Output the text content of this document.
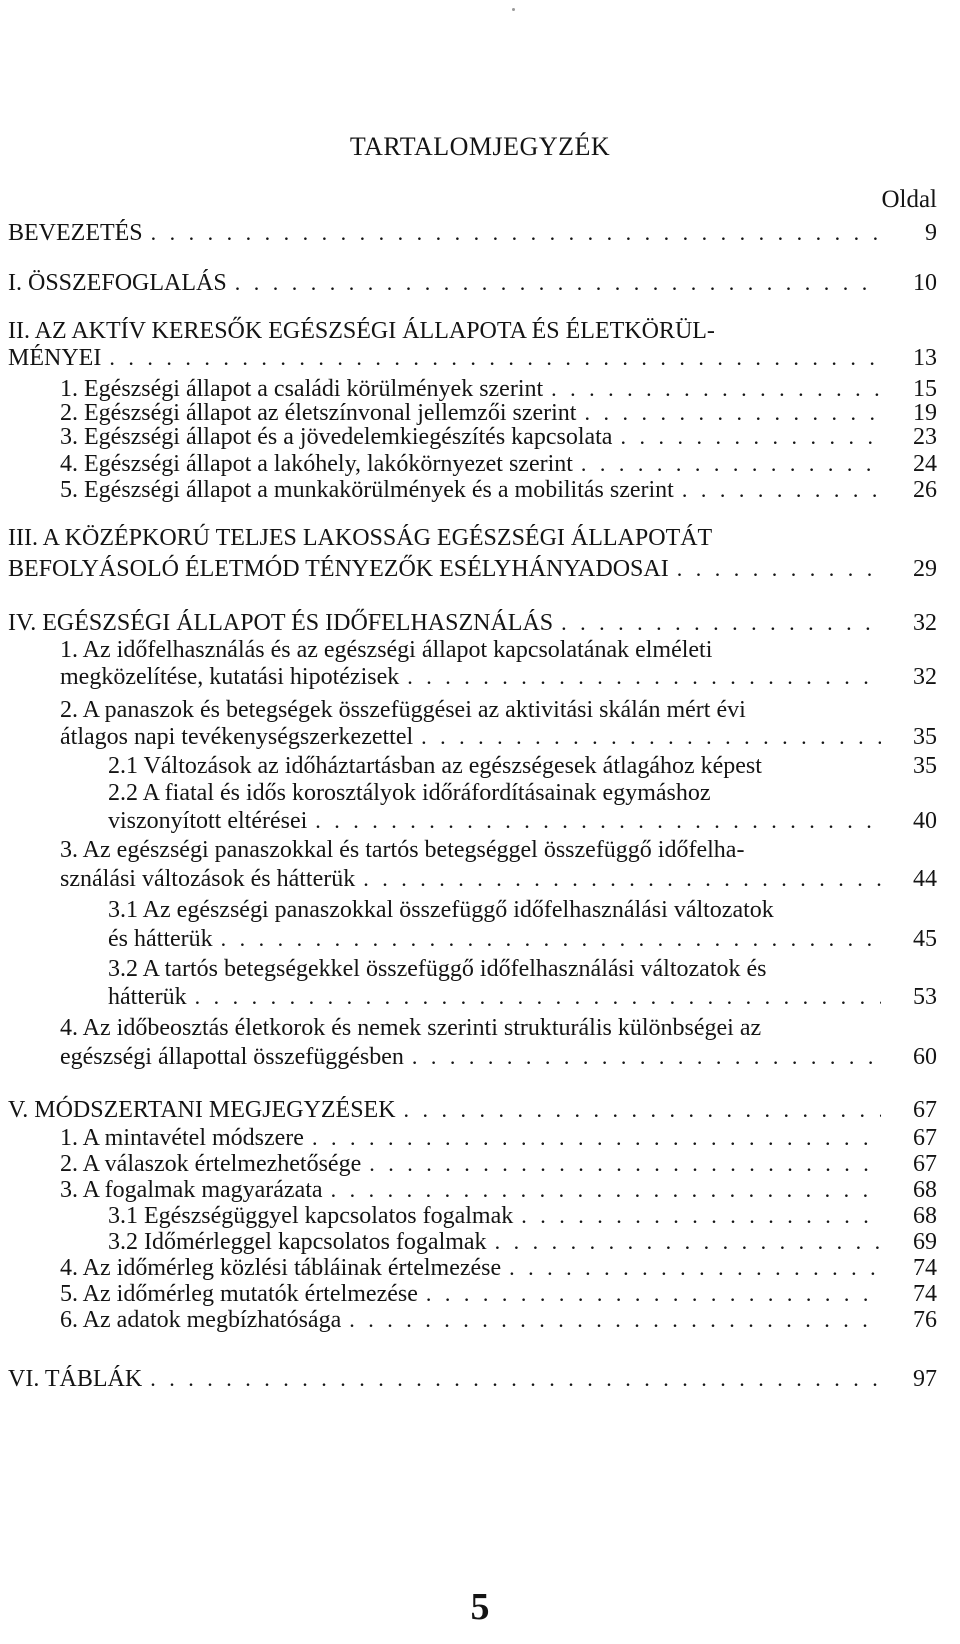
TARTALOMJEGYZÉK
Oldal
BEVEZETÉS . . .	9
I. ÖSSZEFOGLALÁS . . .	10
II. AZ AKTÍV KERESŐK EGÉSZSÉGI ÁLLAPOTA ÉS ÉLETKÖRÜL-
MÉNYEI . . .	13
1. Egészségi állapot a családi körülmények szerint . . .	15
2. Egészségi állapot az életszínvonal jellemzői szerint . . .	19
3. Egészségi állapot és a jövedelemkiegészítés kapcsolata . . .	23
4. Egészségi állapot a lakóhely, lakókörnyezet szerint . . .	24
5. Egészségi állapot a munkakörülmények és a mobilitás szerint . . .	26
III. A KÖZÉPKORÚ TELJES LAKOSSÁG EGÉSZSÉGI ÁLLAPOTÁT
BEFOLYÁSOLÓ ÉLETMÓD TÉNYEZŐK ESÉLYHÁNYADOSAI . . .	29
IV. EGÉSZSÉGI ÁLLAPOT ÉS IDŐFELHASZNÁLÁS . . .	32
1. Az időfelhasználás és az egészségi állapot kapcsolatának elméleti
megközelítése, kutatási hipotézisek . . .	32
2. A panaszok és betegségek összefüggései az aktivitási skálán mért évi
átlagos napi tevékenységszerkezettel . . .	35
2.1 Változások az időháztartásban az egészségesek átlagához képest	35
2.2 A fiatal és idős korosztályok időráfordításainak egymáshoz
viszonyított eltérései . . .	40
3. Az egészségi panaszokkal és tartós betegséggel összefüggő időfelha-
sználási változások és hátterük . . .	44
3.1 Az egészségi panaszokkal összefüggő időfelhasználási változatok
és hátterük . . .	45
3.2 A tartós betegségekkel összefüggő időfelhasználási változatok és
hátterük . . .	53
4. Az időbeosztás életkorok és nemek szerinti strukturális különbségei az
egészségi állapottal összefüggésben . . .	60
V. MÓDSZERTANI MEGJEGYZÉSEK . . .	67
1. A mintavétel módszere . . .	67
2. A válaszok értelmezhetősége . . .	67
3. A fogalmak magyarázata . . .	68
3.1 Egészségüggyel kapcsolatos fogalmak . . .	68
3.2 Időmérleggel kapcsolatos fogalmak . . .	69
4. Az időmérleg közlési tábláinak értelmezése . . .	74
5. Az időmérleg mutatók értelmezése . . .	74
6. Az adatok megbízhatósága . . .	76
VI. TÁBLÁK . . .	97
5
